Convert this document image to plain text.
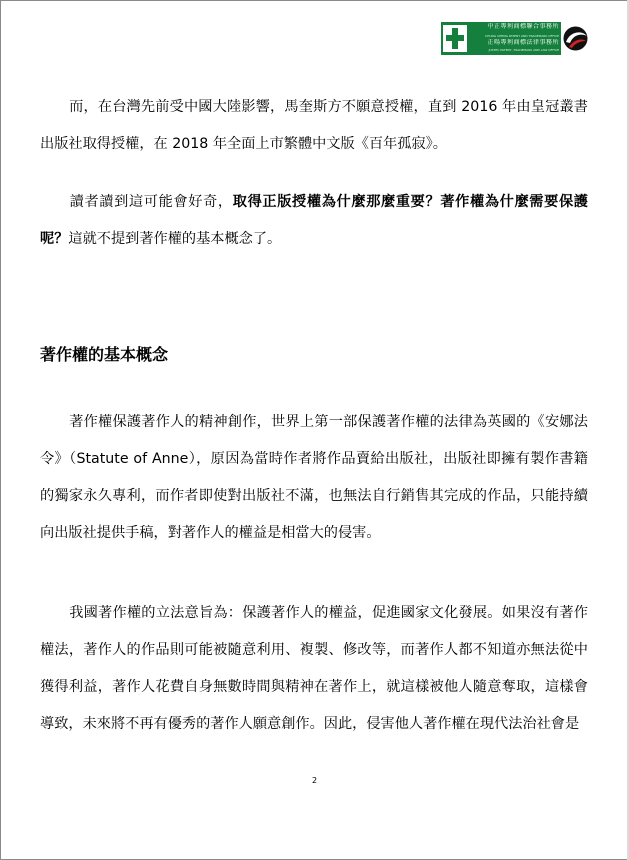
中正專利商標聯合事務所
CHUNG CHENG PATENT AND TRADEMARK OFFICE
正暘專利商標法律事務所
JUSTEC PATENT, TRADEMARK AND LAW OFFICE

而，在台灣先前受中國大陸影響，馬奎斯方不願意授權，直到 2016 年由皇冠叢書出版社取得授權，在 2018 年全面上市繁體中文版《百年孤寂》。

讀者讀到這可能會好奇，取得正版授權為什麼那麼重要？著作權為什麼需要保護呢？這就不提到著作權的基本概念了。

著作權的基本概念

著作權保護著作人的精神創作，世界上第一部保護著作權的法律為英國的《安娜法令》（Statute of Anne），原因為當時作者將作品賣給出版社，出版社即擁有製作書籍的獨家永久專利，而作者即使對出版社不滿，也無法自行銷售其完成的作品，只能持續向出版社提供手稿，對著作人的權益是相當大的侵害。

我國著作權的立法意旨為：保護著作人的權益，促進國家文化發展。如果沒有著作權法，著作人的作品則可能被隨意利用、複製、修改等，而著作人都不知道亦無法從中獲得利益，著作人花費自身無數時間與精神在著作上，就這樣被他人隨意奪取，這樣會導致，未來將不再有優秀的著作人願意創作。因此，侵害他人著作權在現代法治社會是

2
